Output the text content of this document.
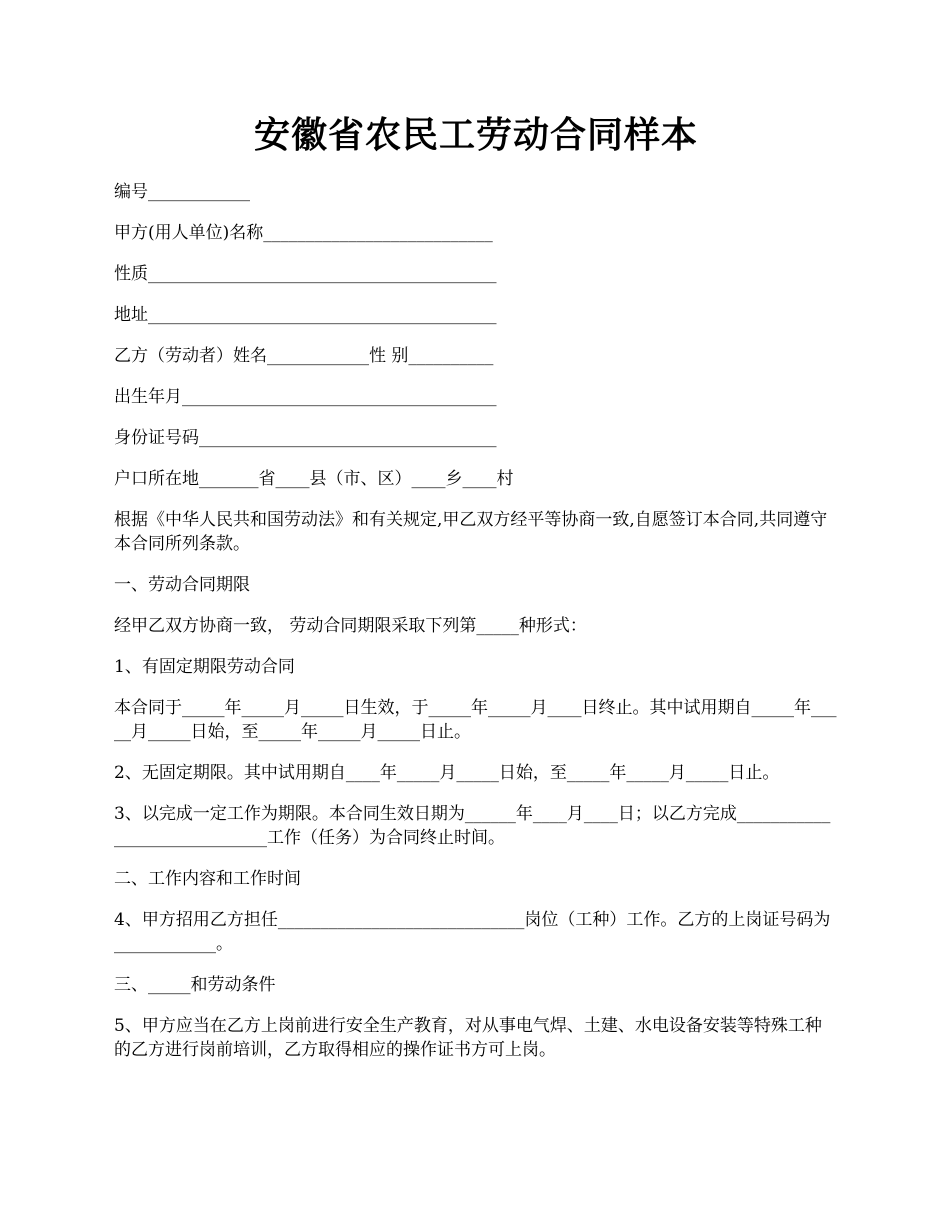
安徽省农民工劳动合同样本

编号____________

甲方(用人单位)名称___________________________

性质_________________________________________

地址_________________________________________

乙方（劳动者）姓名____________性 别__________

出生年月_____________________________________

身份证号码___________________________________

户口所在地_______省____县（市、区）____乡____村

根据《中华人民共和国劳动法》和有关规定,甲乙双方经平等协商一致,自愿签订本合同,共同遵守本合同所列条款。

一、劳动合同期限

经甲乙双方协商一致， 劳动合同期限采取下列第_____种形式：

1、有固定期限劳动合同

本合同于_____年_____月_____日生效，于_____年_____月____日终止。其中试用期自_____年_____月_____日始，至_____年_____月_____日止。

2、无固定期限。其中试用期自____年_____月_____日始，至_____年_____月_____日止。

3、以完成一定工作为期限。本合同生效日期为______年____月____日；以乙方完成_____________________________工作（任务）为合同终止时间。

二、工作内容和工作时间

4、甲方招用乙方担任_____________________________岗位（工种）工作。乙方的上岗证号码为____________。

三、_____和劳动条件

5、甲方应当在乙方上岗前进行安全生产教育，对从事电气焊、土建、水电设备安装等特殊工种的乙方进行岗前培训，乙方取得相应的操作证书方可上岗。
